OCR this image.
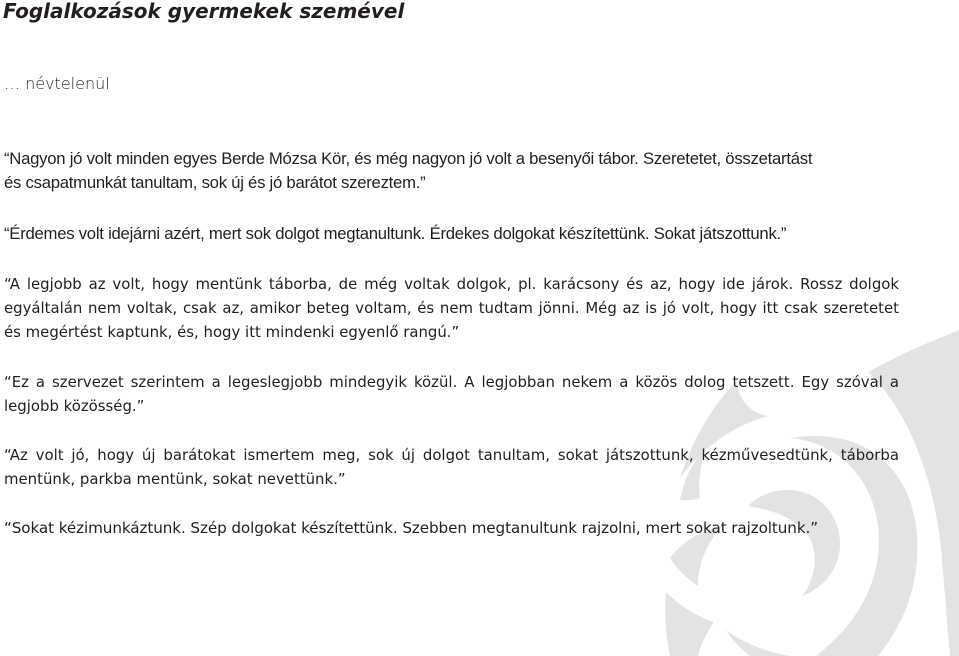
Foglalkozások gyermekek szemével

… névtelenül

“Nagyon jó volt minden egyes Berde Mózsa Kör, és még nagyon jó volt a besenyői tábor. Szeretetet, összetartást
és csapatmunkát tanultam, sok új és jó barátot szereztem.”

“Érdemes volt idejárni azért, mert sok dolgot megtanultunk. Érdekes dolgokat készítettünk. Sokat játszottunk.”

“A legjobb az volt, hogy mentünk táborba, de még voltak dolgok, pl. karácsony és az, hogy ide járok. Rossz dolgok egyáltalán nem voltak, csak az, amikor beteg voltam, és nem tudtam jönni. Még az is jó volt, hogy itt csak szeretetet és megértést kaptunk, és, hogy itt mindenki egyenlő rangú.”

“Ez a szervezet szerintem a legeslegjobb mindegyik közül. A legjobban nekem a közös dolog tetszett. Egy szóval a legjobb közösség.”

“Az volt jó, hogy új barátokat ismertem meg, sok új dolgot tanultam, sokat játszottunk, kézművesedtünk, táborba mentünk, parkba mentünk, sokat nevettünk.”

“Sokat kézimunkáztunk. Szép dolgokat készítettünk. Szebben megtanultunk rajzolni, mert sokat rajzoltunk.”
